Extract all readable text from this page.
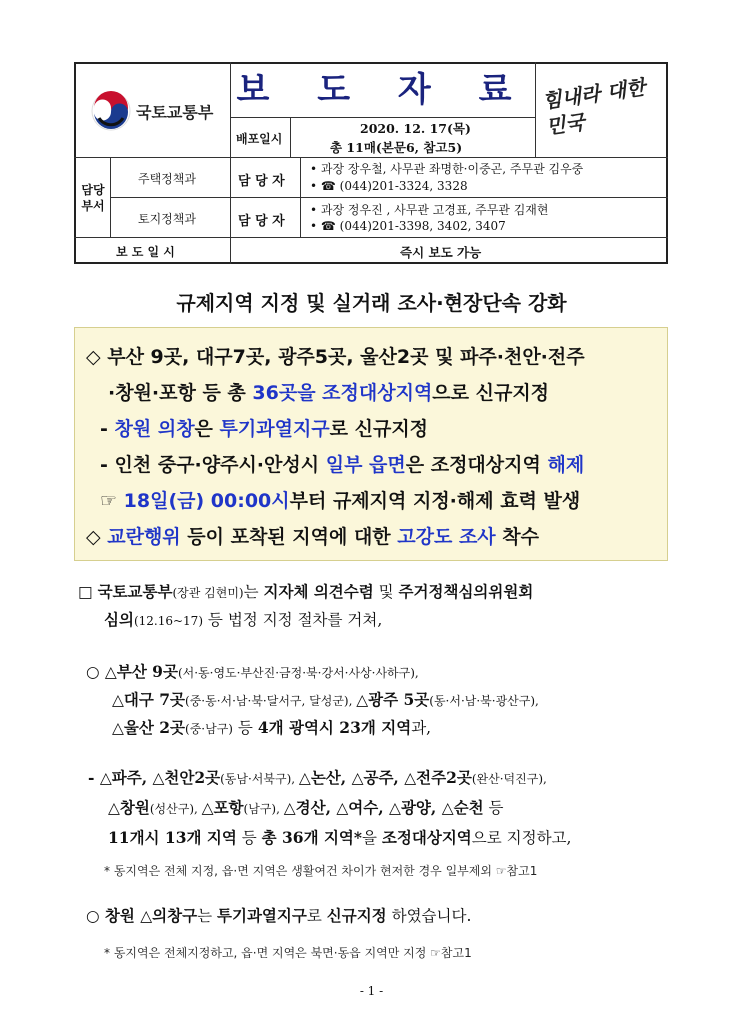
국토교통부
보 도 자 료 힘내라 대한민국
배포일시
2020. 12. 17(목)
총 11매(본문6, 참고5)
담당 부서
주택정책과	담 당 자
• 과장 장우철, 사무관 좌명한·이중곤, 주무관 김우중
• ☎ (044)201-3324, 3328
토지정책과	담 당 자
• 과장 정우진 , 사무관 고경표, 주무관 김재현
• ☎ (044)201-3398, 3402, 3407
보 도 일 시	즉시 보도 가능
규제지역 지정 및 실거래 조사·현장단속 강화
◇ 부산 9곳, 대구7곳, 광주5곳, 울산2곳 및 파주·천안·전주
·창원·포항 등 총 36곳을 조정대상지역으로 신규지정
- 창원 의창은 투기과열지구로 신규지정
- 인천 중구·양주시·안성시 일부 읍면은 조정대상지역 해제
☞ 18일(금) 00:00시부터 규제지역 지정·해제 효력 발생
◇ 교란행위 등이 포착된 지역에 대한 고강도 조사 착수
□ 국토교통부(장관 김현미)는 지자체 의견수렴 및 주거정책심의위원회
심의(12.16~17) 등 법정 지정 절차를 거쳐,
○ △부산 9곳(서·동·영도·부산진·금정·북·강서·사상·사하구),
△대구 7곳(중·동·서·남·북·달서구, 달성군), △광주 5곳(동·서·남·북·광산구),
△울산 2곳(중·남구) 등 4개 광역시 23개 지역과,
- △파주, △천안2곳(동남·서북구), △논산, △공주, △전주2곳(완산·덕진구),
△창원(성산구), △포항(남구), △경산, △여수, △광양, △순천 등
11개시 13개 지역 등 총 36개 지역*을 조정대상지역으로 지정하고,
* 동지역은 전체 지정, 읍·면 지역은 생활여건 차이가 현저한 경우 일부제외 ☞참고1
○ 창원 △의창구는 투기과열지구로 신규지정 하였습니다.
* 동지역은 전체지정하고, 읍·면 지역은 북면·동읍 지역만 지정 ☞참고1
- 1 -
